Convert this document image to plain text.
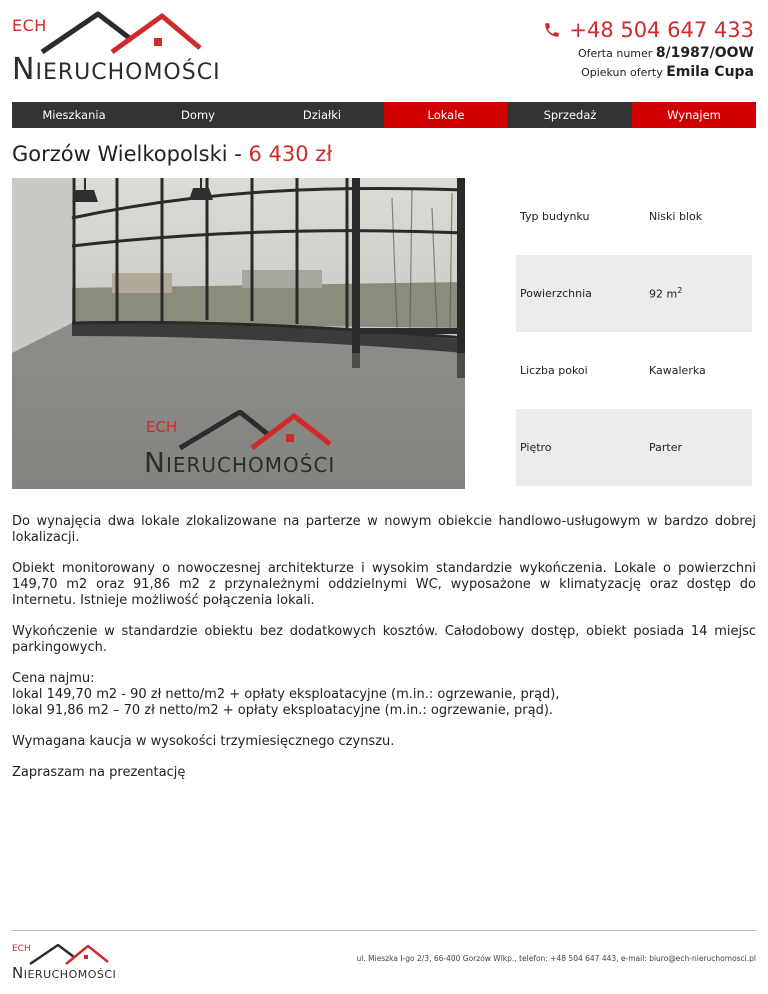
ECH
NIERUCHOMOŚCI
+48 504 647 433
Oferta numer 8/1987/OOW
Opiekun oferty Emila Cupa
Mieszkania	Domy	Działki	Lokale	Sprzedaż	Wynajem
Gorzów Wielkopolski - 6 430 zł
ECH
NIERUCHOMOŚCI
Typ budynku	Niski blok
Powierzchnia	92 $m^2$
Liczba pokoi	Kawalerka
Piętro	Parter

Do wynajęcia dwa lokale zlokalizowane na parterze w nowym obiekcie handlowo-usługowym w bardzo dobrej lokalizacji.

Obiekt monitorowany o nowoczesnej architekturze i wysokim standardzie wykończenia. Lokale o powierzchni 149,70 m2 oraz 91,86 m2 z przynależnymi oddzielnymi WC, wyposażone w klimatyzację oraz dostęp do Internetu. Istnieje możliwość połączenia lokali.

Wykończenie w standardzie obiektu bez dodatkowych kosztów. Całodobowy dostęp, obiekt posiada 14 miejsc parkingowych.

Cena najmu:
lokal 149,70 m2 - 90 zł netto/m2 + opłaty eksploatacyjne (m.in.: ogrzewanie, prąd),
lokal 91,86 m2 – 70 zł netto/m2 + opłaty eksploatacyjne (m.in.: ogrzewanie, prąd).

Wymagana kaucja w wysokości trzymiesięcznego czynszu.

Zapraszam na prezentację

ECH
NIERUCHOMOŚCI
ul. Mieszka I-go 2/3, 66-400 Gorzów Wlkp., telefon: +48 504 647 443, e-mail: biuro@ech-nieruchomosci.pl
